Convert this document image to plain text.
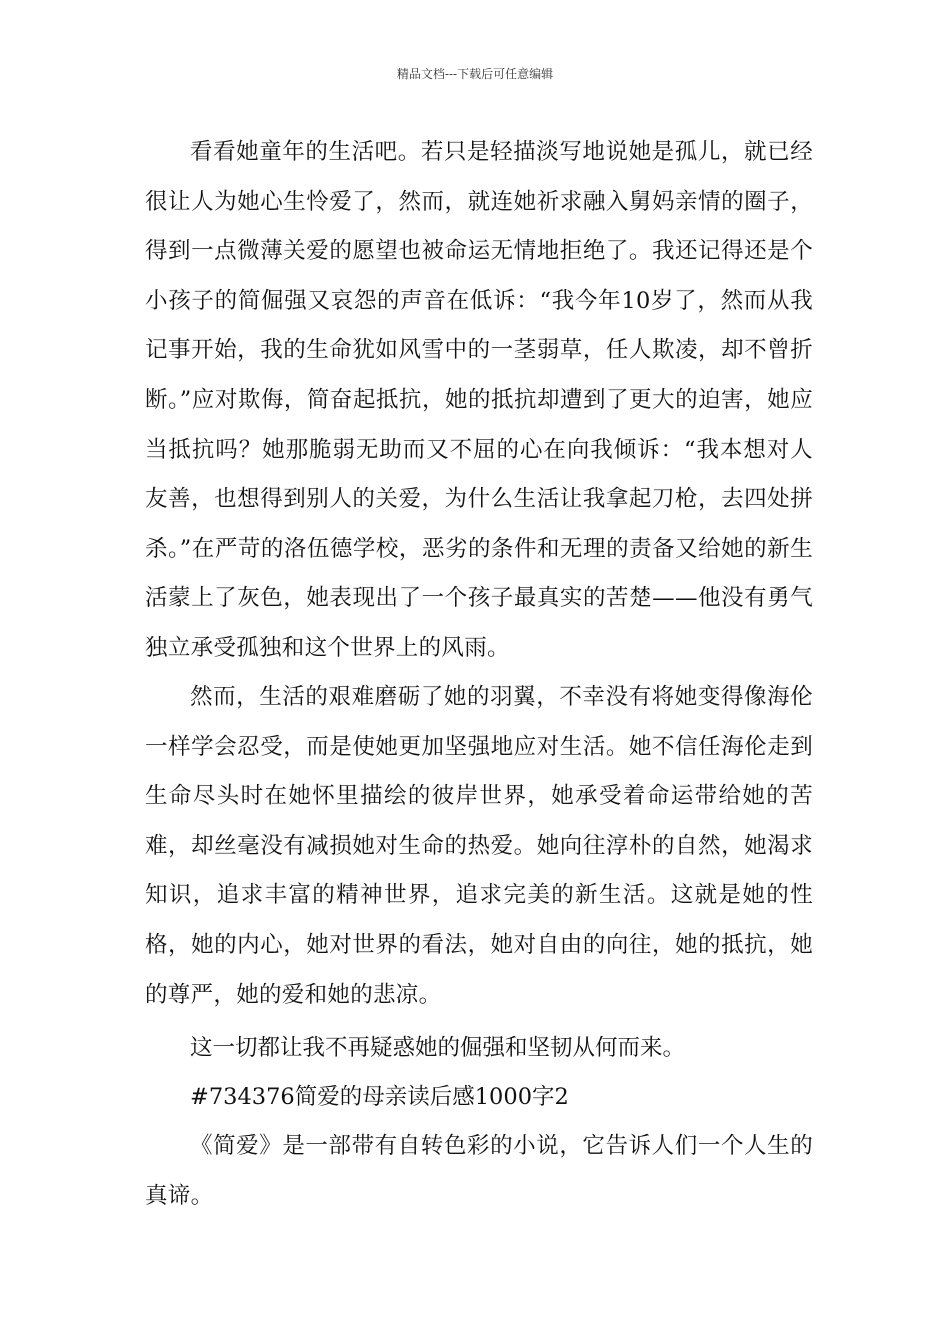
精品文档---下载后可任意编辑

看看她童年的生活吧。若只是轻描淡写地说她是孤儿，就已经很让人为她心生怜爱了，然而，就连她祈求融入舅妈亲情的圈子，得到一点微薄关爱的愿望也被命运无情地拒绝了。我还记得还是个小孩子的简倔强又哀怨的声音在低诉：“我今年10岁了，然而从我记事开始，我的生命犹如风雪中的一茎弱草，任人欺凌，却不曾折断。”应对欺侮，简奋起抵抗，她的抵抗却遭到了更大的迫害，她应当抵抗吗？她那脆弱无助而又不屈的心在向我倾诉：“我本想对人友善，也想得到别人的关爱，为什么生活让我拿起刀枪，去四处拼杀。”在严苛的洛伍德学校，恶劣的条件和无理的责备又给她的新生活蒙上了灰色，她表现出了一个孩子最真实的苦楚——他没有勇气独立承受孤独和这个世界上的风雨。

然而，生活的艰难磨砺了她的羽翼，不幸没有将她变得像海伦一样学会忍受，而是使她更加坚强地应对生活。她不信任海伦走到生命尽头时在她怀里描绘的彼岸世界，她承受着命运带给她的苦难，却丝毫没有减损她对生命的热爱。她向往淳朴的自然，她渴求知识，追求丰富的精神世界，追求完美的新生活。这就是她的性格，她的内心，她对世界的看法，她对自由的向往，她的抵抗，她的尊严，她的爱和她的悲凉。

这一切都让我不再疑惑她的倔强和坚韧从何而来。

#734376简爱的母亲读后感1000字2

《简爱》是一部带有自转色彩的小说，它告诉人们一个人生的真谛。
